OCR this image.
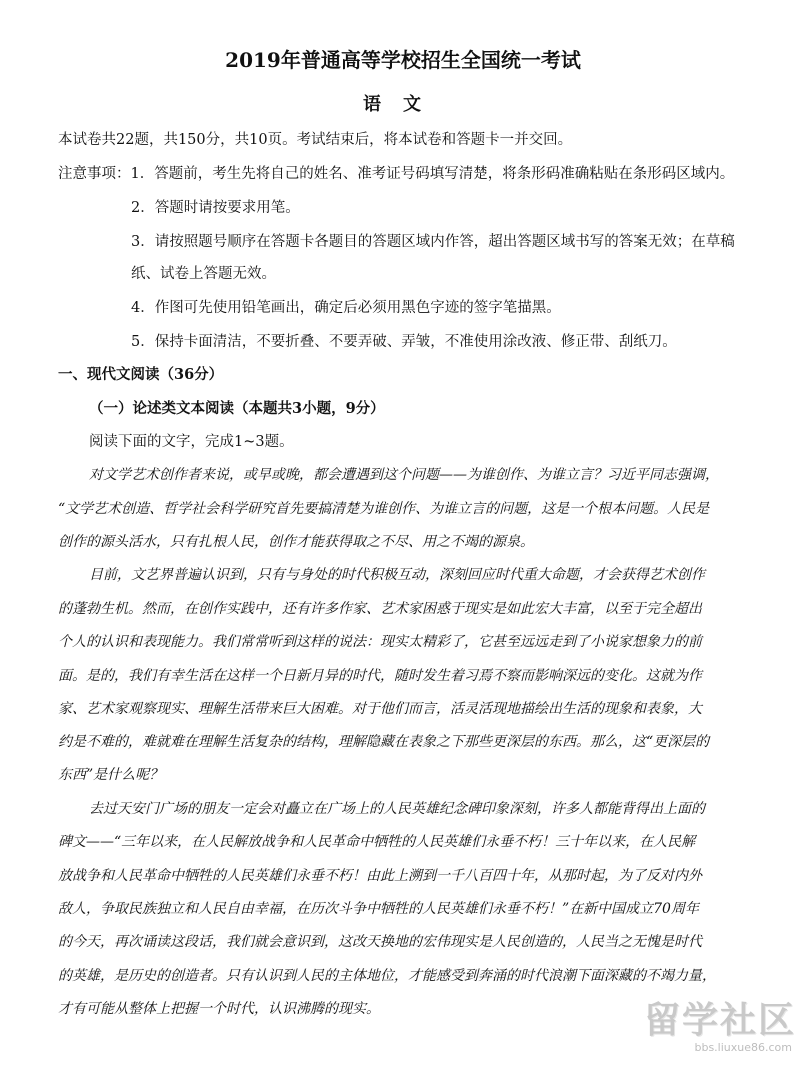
2019年普通高等学校招生全国统一考试
语文
本试卷共22题，共150分，共10页。考试结束后，将本试卷和答题卡一并交回。
注意事项：1．答题前，考生先将自己的姓名、准考证号码填写清楚，将条形码准确粘贴在条形码区域内。
2．答题时请按要求用笔。
3．请按照题号顺序在答题卡各题目的答题区域内作答，超出答题区域书写的答案无效；在草稿
纸、试卷上答题无效。
4．作图可先使用铅笔画出，确定后必须用黑色字迹的签字笔描黑。
5．保持卡面清洁，不要折叠、不要弄破、弄皱，不准使用涂改液、修正带、刮纸刀。
一、现代文阅读（36分）
（一）论述类文本阅读（本题共3小题，9分）
阅读下面的文字，完成1~3题。
对文学艺术创作者来说，或早或晚，都会遭遇到这个问题——为谁创作、为谁立言？习近平同志强调，
“文学艺术创造、哲学社会科学研究首先要搞清楚为谁创作、为谁立言的问题，这是一个根本问题。人民是
创作的源头活水，只有扎根人民，创作才能获得取之不尽、用之不竭的源泉。
目前，文艺界普遍认识到，只有与身处的时代积极互动，深刻回应时代重大命题，才会获得艺术创作
的蓬勃生机。然而，在创作实践中，还有许多作家、艺术家困惑于现实是如此宏大丰富，以至于完全超出
个人的认识和表现能力。我们常常听到这样的说法：现实太精彩了，它甚至远远走到了小说家想象力的前
面。是的，我们有幸生活在这样一个日新月异的时代，随时发生着习焉不察而影响深远的变化。这就为作
家、艺术家观察现实、理解生活带来巨大困难。对于他们而言，活灵活现地描绘出生活的现象和表象，大
约是不难的，难就难在理解生活复杂的结构，理解隐藏在表象之下那些更深层的东西。那么，这“更深层的
东西”是什么呢？
去过天安门广场的朋友一定会对矗立在广场上的人民英雄纪念碑印象深刻，许多人都能背得出上面的
碑文——“三年以来，在人民解放战争和人民革命中牺牲的人民英雄们永垂不朽！三十年以来，在人民解
放战争和人民革命中牺牲的人民英雄们永垂不朽！由此上溯到一千八百四十年，从那时起，为了反对内外
敌人，争取民族独立和人民自由幸福，在历次斗争中牺牲的人民英雄们永垂不朽！”在新中国成立70周年
的今天，再次诵读这段话，我们就会意识到，这改天换地的宏伟现实是人民创造的，人民当之无愧是时代
的英雄，是历史的创造者。只有认识到人民的主体地位，才能感受到奔涌的时代浪潮下面深藏的不竭力量，
才有可能从整体上把握一个时代，认识沸腾的现实。	留学社区
bbs.liuxue86.com
